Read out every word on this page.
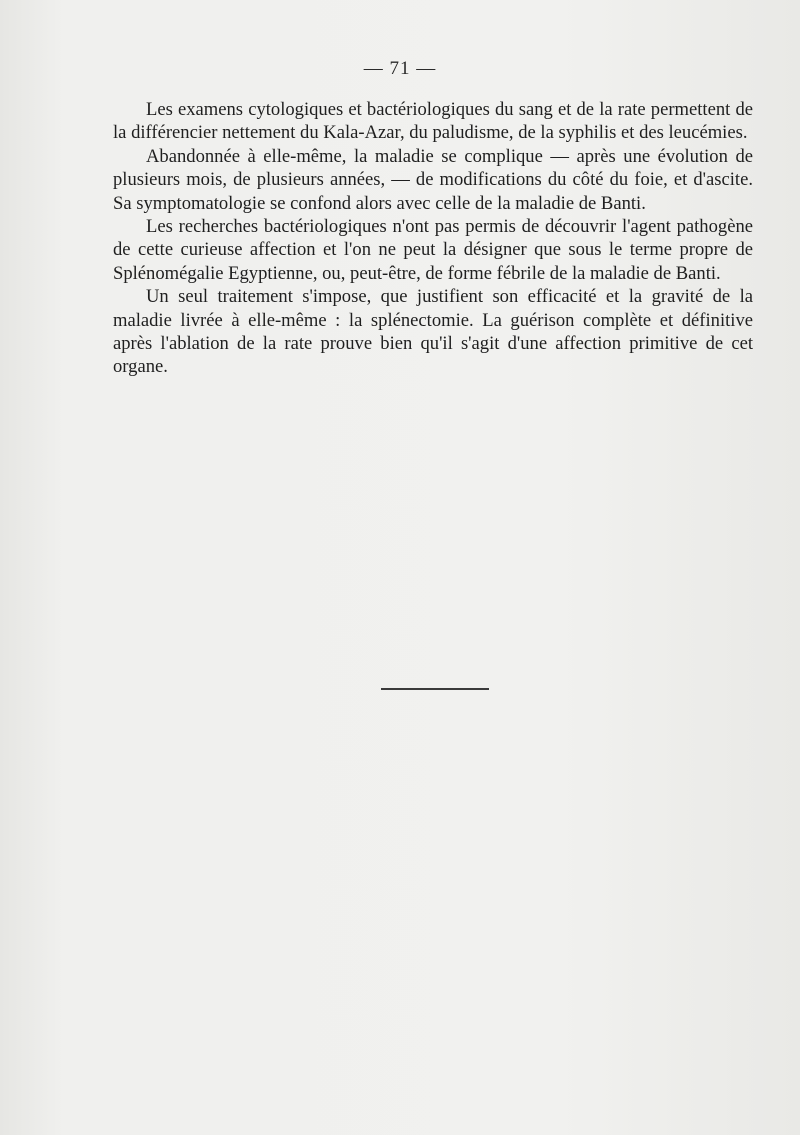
— 71 —

Les examens cytologiques et bactériologiques du sang et de la rate permettent de la différencier nettement du Kala-Azar, du paludisme, de la syphilis et des leucémies.

Abandonnée à elle-même, la maladie se complique — après une évolution de plusieurs mois, de plusieurs années, — de modifications du côté du foie, et d'ascite. Sa symptomatologie se confond alors avec celle de la maladie de Banti.

Les recherches bactériologiques n'ont pas permis de découvrir l'agent pathogène de cette curieuse affection et l'on ne peut la désigner que sous le terme propre de Splénomégalie Egyptienne, ou, peut-être, de forme fébrile de la maladie de Banti.

Un seul traitement s'impose, que justifient son efficacité et la gravité de la maladie livrée à elle-même : la splénectomie. La guérison complète et définitive après l'ablation de la rate prouve bien qu'il s'agit d'une affection primitive de cet organe.
